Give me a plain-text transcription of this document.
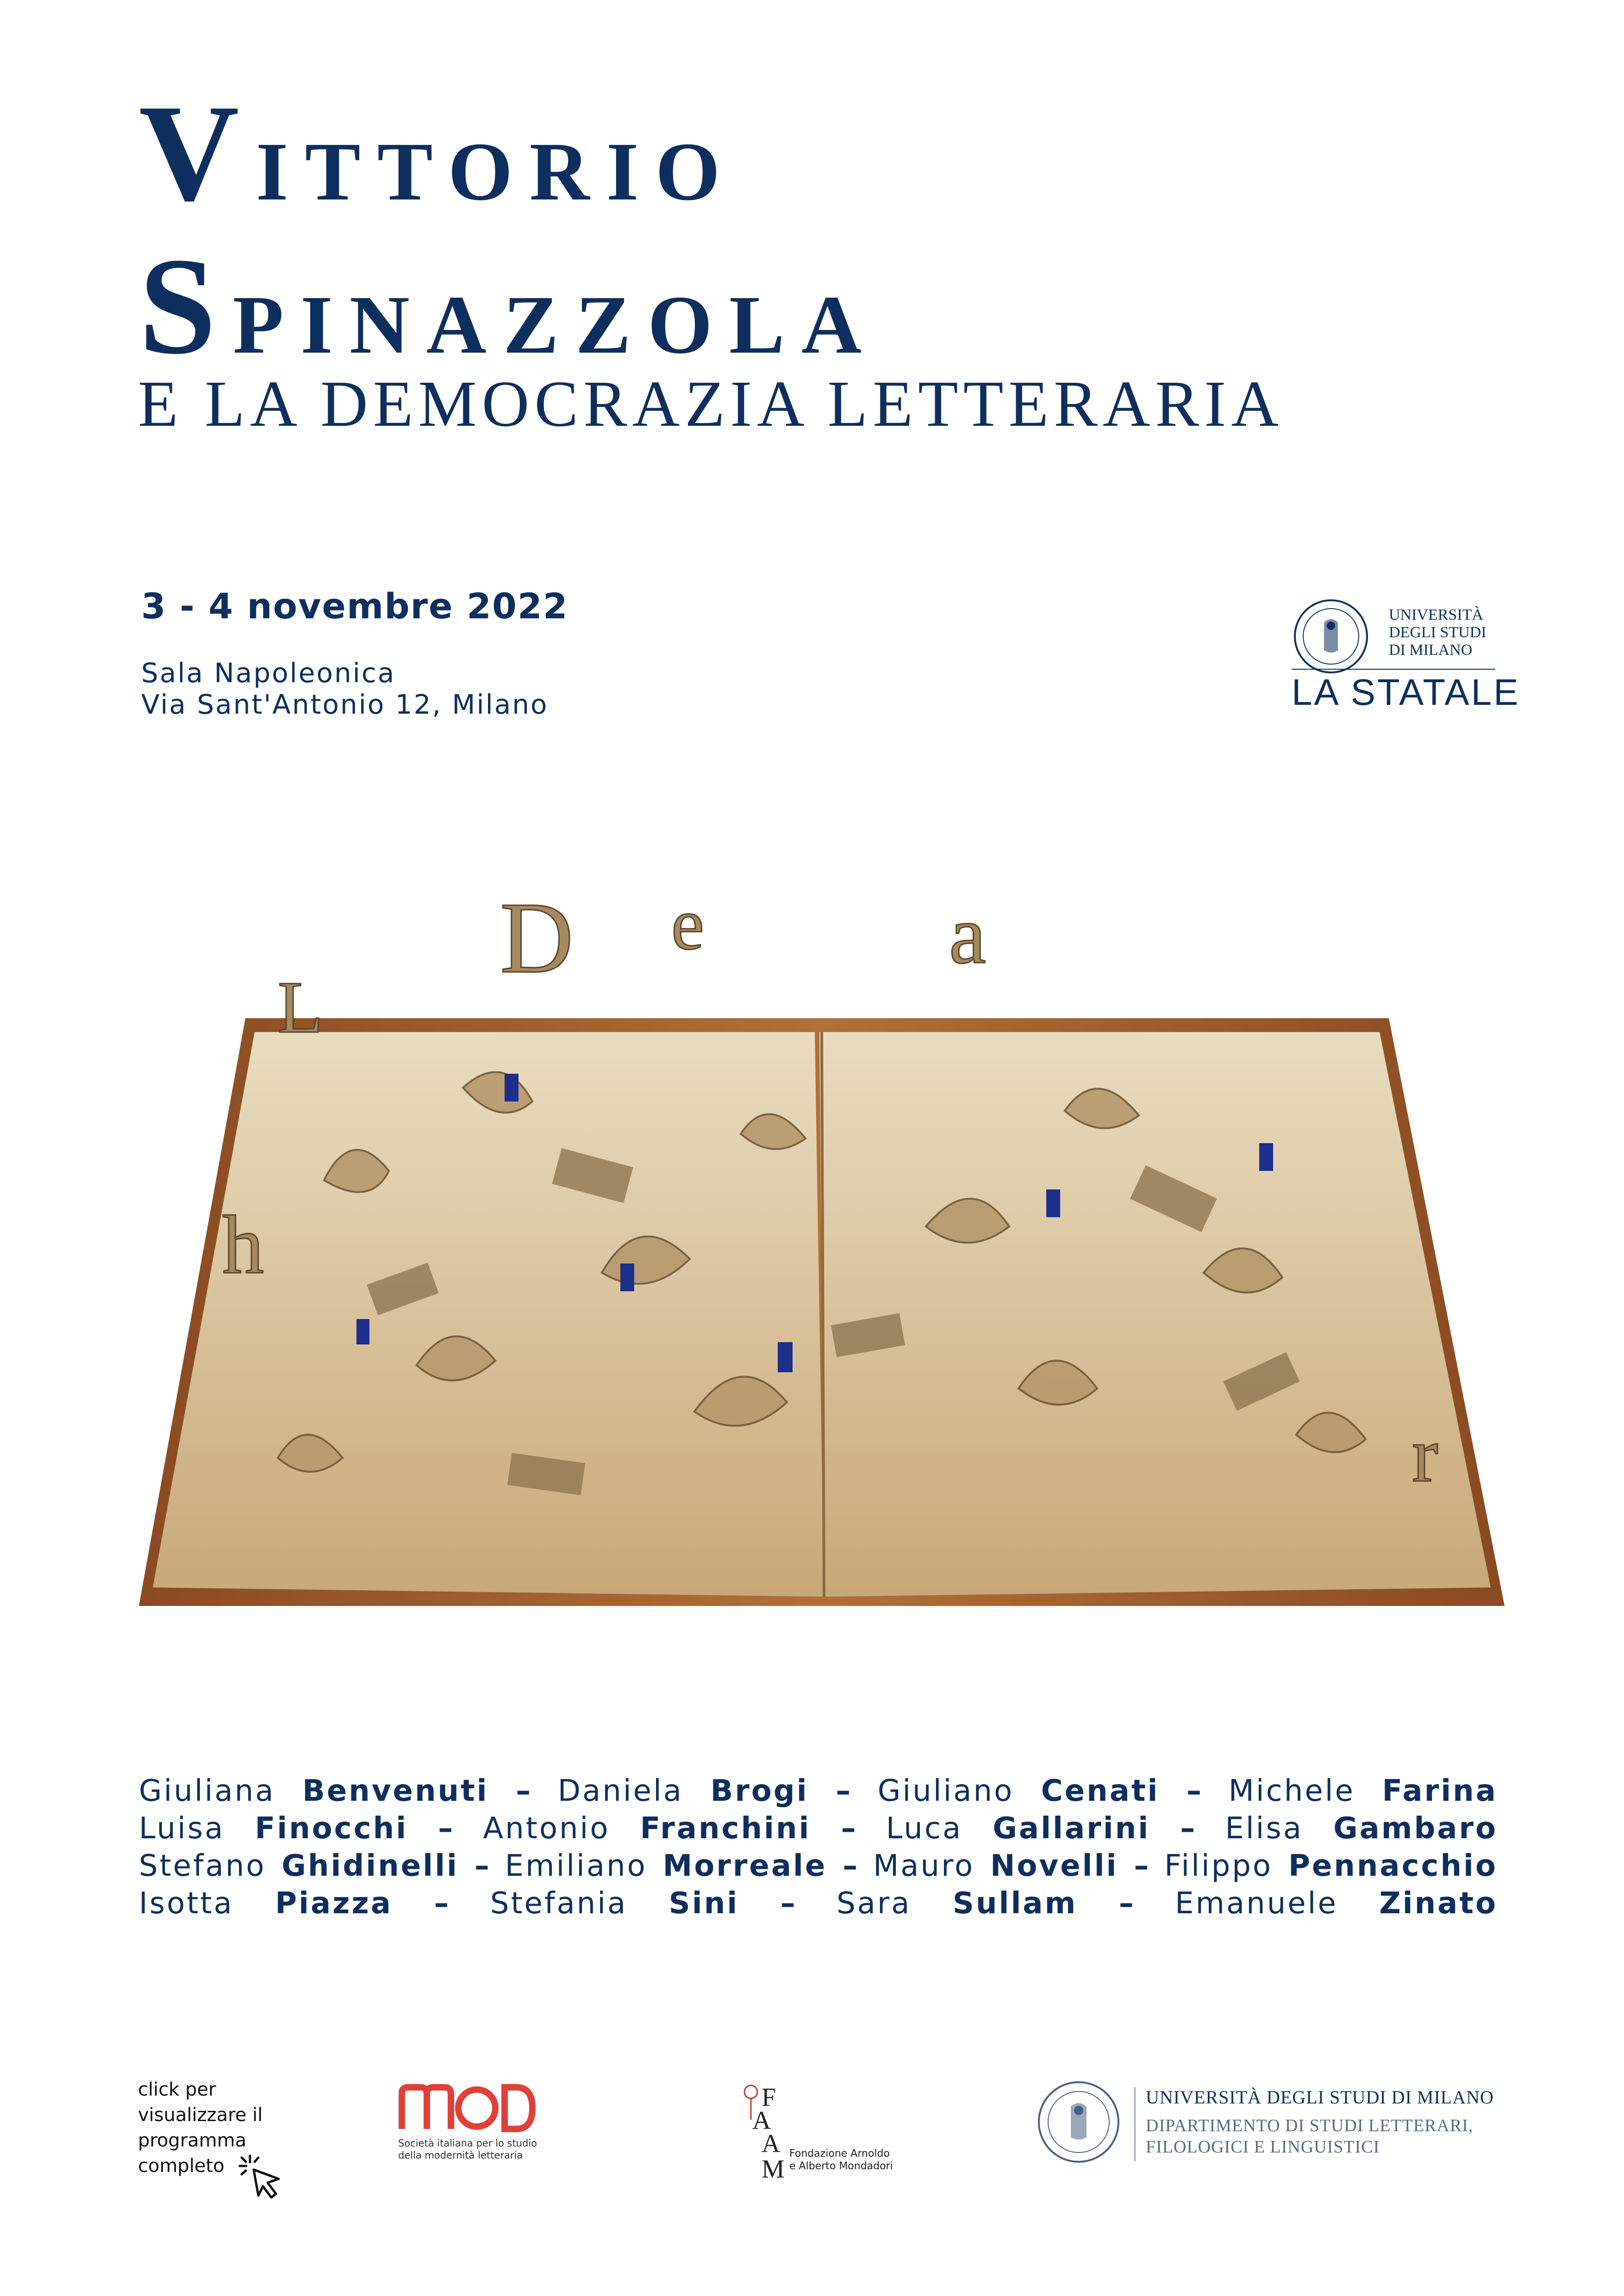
VITTORIO
SPINAZZOLA
E LA DEMOCRAZIA LETTERARIA
3 - 4 novembre 2022
Sala Napoleonica
Via Sant'Antonio 12, Milano
UNIVERSITÀ
DEGLI STUDI
DI MILANO
LA STATALE
D e	a
L
h
r
Giuliana Benvenuti – Daniela Brogi – Giuliano Cenati – Michele Farina
Luisa Finocchi – Antonio Franchini – Luca Gallarini – Elisa Gambaro
Stefano Ghidinelli – Emiliano Morreale – Mauro Novelli – Filippo Pennacchio
Isotta Piazza – Stefania Sini – Sara Sullam – Emanuele Zinato
click per
visualizzare il
programma
completo
Società italiana per lo studio
della modernità letteraria
F
A
A
M
Fondazione Arnoldo
e Alberto Mondadori
UNIVERSITÀ DEGLI STUDI DI MILANO
DIPARTIMENTO DI STUDI LETTERARI,
FILOLOGICI E LINGUISTICI
